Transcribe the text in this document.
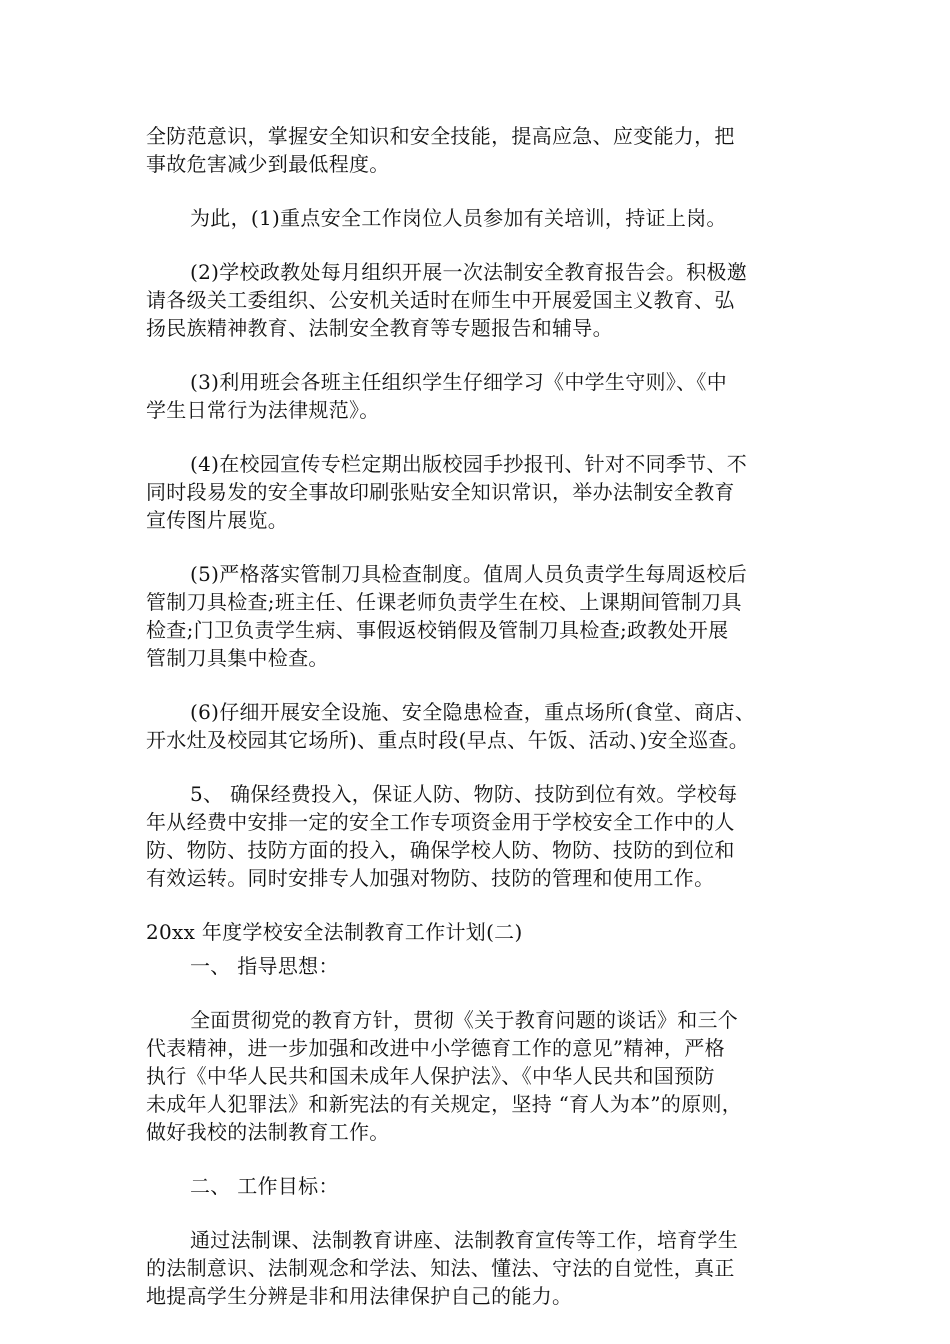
全防范意识，掌握安全知识和安全技能，提高应急、应变能力，把
事故危害减少到最低程度。

为此，(1)重点安全工作岗位人员参加有关培训，持证上岗。

(2)学校政教处每月组织开展一次法制安全教育报告会。积极邀
请各级关工委组织、公安机关适时在师生中开展爱国主义教育、弘
扬民族精神教育、法制安全教育等专题报告和辅导。

(3)利用班会各班主任组织学生仔细学习《中学生守则》、《中
学生日常行为法律规范》。

(4)在校园宣传专栏定期出版校园手抄报刊、针对不同季节、不
同时段易发的安全事故印刷张贴安全知识常识，举办法制安全教育
宣传图片展览。

(5)严格落实管制刀具检查制度。值周人员负责学生每周返校后
管制刀具检查;班主任、任课老师负责学生在校、上课期间管制刀具
检查;门卫负责学生病、事假返校销假及管制刀具检查;政教处开展
管制刀具集中检查。

(6)仔细开展安全设施、安全隐患检查，重点场所(食堂、商店、
开水灶及校园其它场所)、重点时段(早点、午饭、活动、)安全巡查。

5、 确保经费投入，保证人防、物防、技防到位有效。学校每
年从经费中安排一定的安全工作专项资金用于学校安全工作中的人
防、物防、技防方面的投入，确保学校人防、物防、技防的到位和
有效运转。同时安排专人加强对物防、技防的管理和使用工作。

20xx 年度学校安全法制教育工作计划(二)

一、 指导思想：

全面贯彻党的教育方针，贯彻《关于教育问题的谈话》和三个
代表精神，进一步加强和改进中小学德育工作的意见”精神，严格
执行《中华人民共和国未成年人保护法》、《中华人民共和国预防
未成年人犯罪法》和新宪法的有关规定，坚持 “育人为本”的原则，
做好我校的法制教育工作。

二、 工作目标：

通过法制课、法制教育讲座、法制教育宣传等工作，培育学生
的法制意识、法制观念和学法、知法、懂法、守法的自觉性，真正
地提高学生分辨是非和用法律保护自己的能力。
